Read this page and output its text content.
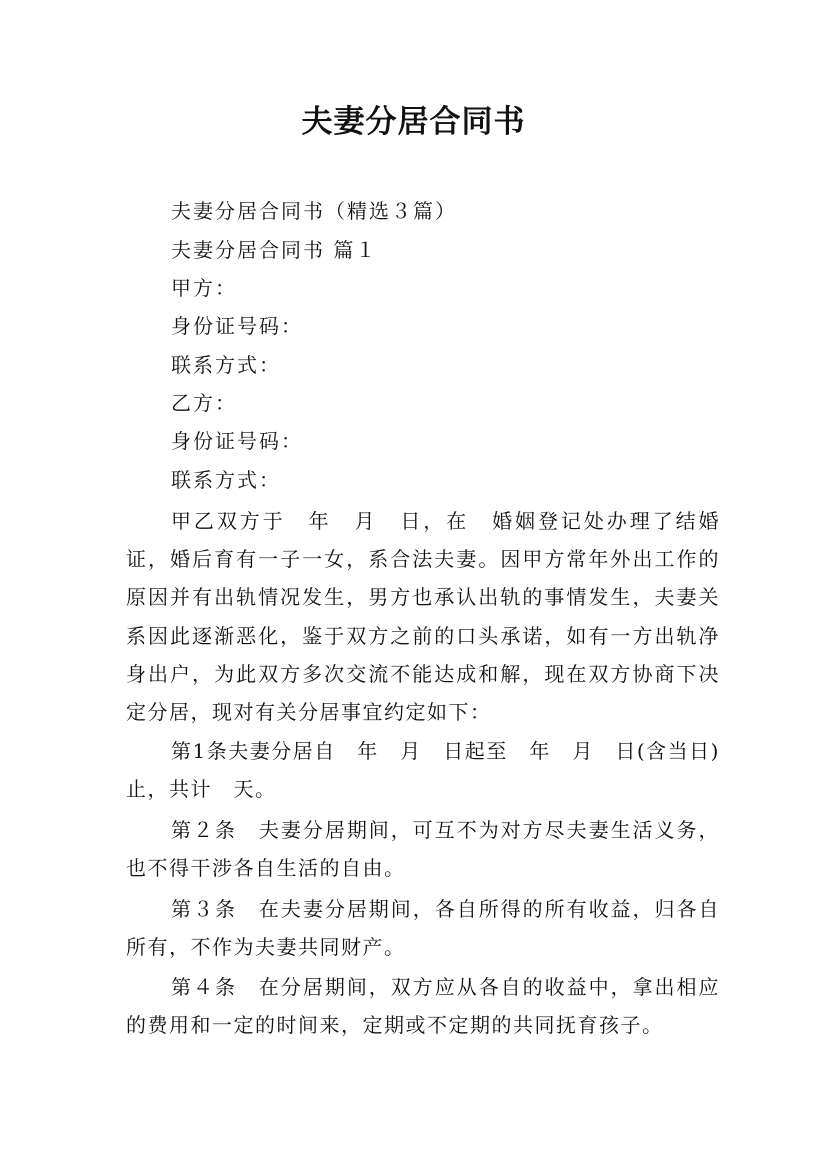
夫妻分居合同书
夫妻分居合同书（精选３篇）
夫妻分居合同书 篇１
甲方：
身份证号码：
联系方式：
乙方：
身份证号码：
联系方式：

甲乙双方于　年　月　日，在　婚姻登记处办理了结婚证，婚后育有一子一女，系合法夫妻。因甲方常年外出工作的原因并有出轨情况发生，男方也承认出轨的事情发生，夫妻关系因此逐渐恶化，鉴于双方之前的口头承诺，如有一方出轨净身出户，为此双方多次交流不能达成和解，现在双方协商下决定分居，现对有关分居事宜约定如下：

第1条夫妻分居自　年　月　日起至　年　月　日(含当日)止，共计　天。

第２条　夫妻分居期间，可互不为对方尽夫妻生活义务，也不得干涉各自生活的自由。

第３条　在夫妻分居期间，各自所得的所有收益，归各自所有，不作为夫妻共同财产。

第４条　在分居期间，双方应从各自的收益中，拿出相应的费用和一定的时间来，定期或不定期的共同抚育孩子。
